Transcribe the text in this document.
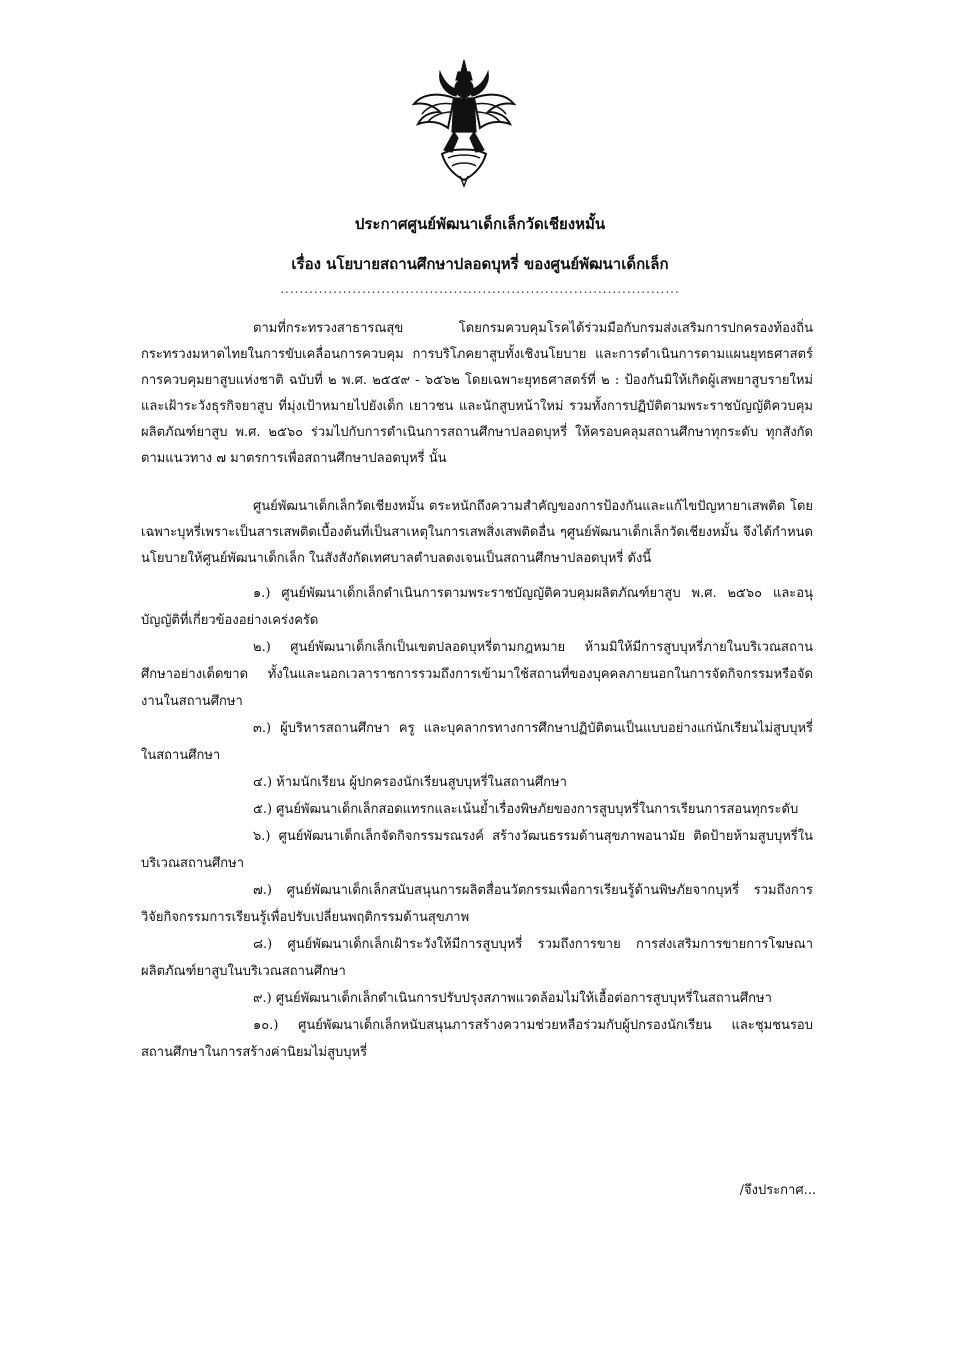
ประกาศศูนย์พัฒนาเด็กเล็กวัดเชียงหมั้น
เรื่อง นโยบายสถานศึกษาปลอดบุหรี่ ของศูนย์พัฒนาเด็กเล็ก
...................................................................................

ตามที่กระทรวงสาธารณสุข โดยกรมควบคุมโรคได้ร่วมมือกับกรมส่งเสริมการปกครองท้องถิ่น กระทรวงมหาดไทยในการขับเคลื่อนการควบคุม การบริโภคยาสูบทั้งเชิงนโยบาย และการดำเนินการตามแผนยุทธศาสตร์การควบคุมยาสูบแห่งชาติ ฉบับที่ ๒ พ.ศ. ๒๕๕๙ - ๖๕๖๒ โดยเฉพาะยุทธศาสตร์ที่ ๒ : ป้องกันมิให้เกิดผู้เสพยาสูบรายใหม่และเฝ้าระวังธุรกิจยาสูบ ที่มุ่งเป้าหมายไปยังเด็ก เยาวชน และนักสูบหน้าใหม่ รวมทั้งการปฏิบัติตามพระราชบัญญัติควบคุมผลิตภัณฑ์ยาสูบ พ.ศ. ๒๕๖๐ ร่วมไปกับการดำเนินการสถานศึกษาปลอดบุหรี่ ให้ครอบคลุมสถานศึกษาทุกระดับ ทุกสังกัด ตามแนวทาง ๗ มาตรการเพื่อสถานศึกษาปลอดบุหรี่ นั้น

ศูนย์พัฒนาเด็กเล็กวัดเชียงหมั้น ตระหนักถึงความสำคัญของการป้องกันและแก้ไขปัญหายาเสพติด โดยเฉพาะบุหรี่เพราะเป็นสารเสพติดเบื้องต้นที่เป็นสาเหตุในการเสพสิ่งเสพติดอื่น ๆศูนย์พัฒนาเด็กเล็กวัดเชียงหมั้น จึงได้กำหนดนโยบายให้ศูนย์พัฒนาเด็กเล็ก ในสังสังกัดเทศบาลตำบลดงเจนเป็นสถานศึกษาปลอดบุหรี่ ดังนี้

๑.) ศูนย์พัฒนาเด็กเล็กดำเนินการตามพระราชบัญญัติควบคุมผลิตภัณฑ์ยาสูบ พ.ศ. ๒๕๖๐ และอนุบัญญัติที่เกี่ยวข้องอย่างเคร่งครัด

๒.) ศูนย์พัฒนาเด็กเล็กเป็นเขตปลอดบุหรี่ตามกฎหมาย ห้ามมิให้มีการสูบบุหรี่ภายในบริเวณสถานศึกษาอย่างเด็ดขาด ทั้งในและนอกเวลาราชการรวมถึงการเข้ามาใช้สถานที่ของบุคคลภายนอกในการจัดกิจกรรมหรือจัดงานในสถานศึกษา

๓.) ผู้บริหารสถานศึกษา ครู และบุคลากรทางการศึกษาปฏิบัติตนเป็นแบบอย่างแก่นักเรียนไม่สูบบุหรี่ในสถานศึกษา

๔.) ห้ามนักเรียน ผู้ปกครองนักเรียนสูบบุหรี่ในสถานศึกษา

๕.) ศูนย์พัฒนาเด็กเล็กสอดแทรกและเน้นย้ำเรื่องพิษภัยของการสูบบุหรี่ในการเรียนการสอนทุกระดับ

๖.) ศูนย์พัฒนาเด็กเล็กจัดกิจกรรมรณรงค์ สร้างวัฒนธรรมด้านสุขภาพอนามัย ติดป้ายห้ามสูบบุหรี่ในบริเวณสถานศึกษา

๗.) ศูนย์พัฒนาเด็กเล็กสนับสนุนการผลิตสื่อนวัตกรรมเพื่อการเรียนรู้ด้านพิษภัยจากบุหรี่ รวมถึงการวิจัยกิจกรรมการเรียนรู้เพื่อปรับเปลี่ยนพฤติกรรมด้านสุขภาพ

๘.) ศูนย์พัฒนาเด็กเล็กเฝ้าระวังให้มีการสูบบุหรี่ รวมถึงการขาย การส่งเสริมการขายการโฆษณาผลิตภัณฑ์ยาสูบในบริเวณสถานศึกษา

๙.) ศูนย์พัฒนาเด็กเล็กดำเนินการปรับปรุงสภาพแวดล้อมไม่ให้เอื้อต่อการสูบบุหรี่ในสถานศึกษา

๑๐.) ศูนย์พัฒนาเด็กเล็กหนับสนุนภารสร้างความช่วยหลือร่วมกับผู้ปกรองนักเรียน และชุมชนรอบสถานศึกษาในการสร้างค่านิยมไม่สูบบุหรี่

/จึงประกาศ...
